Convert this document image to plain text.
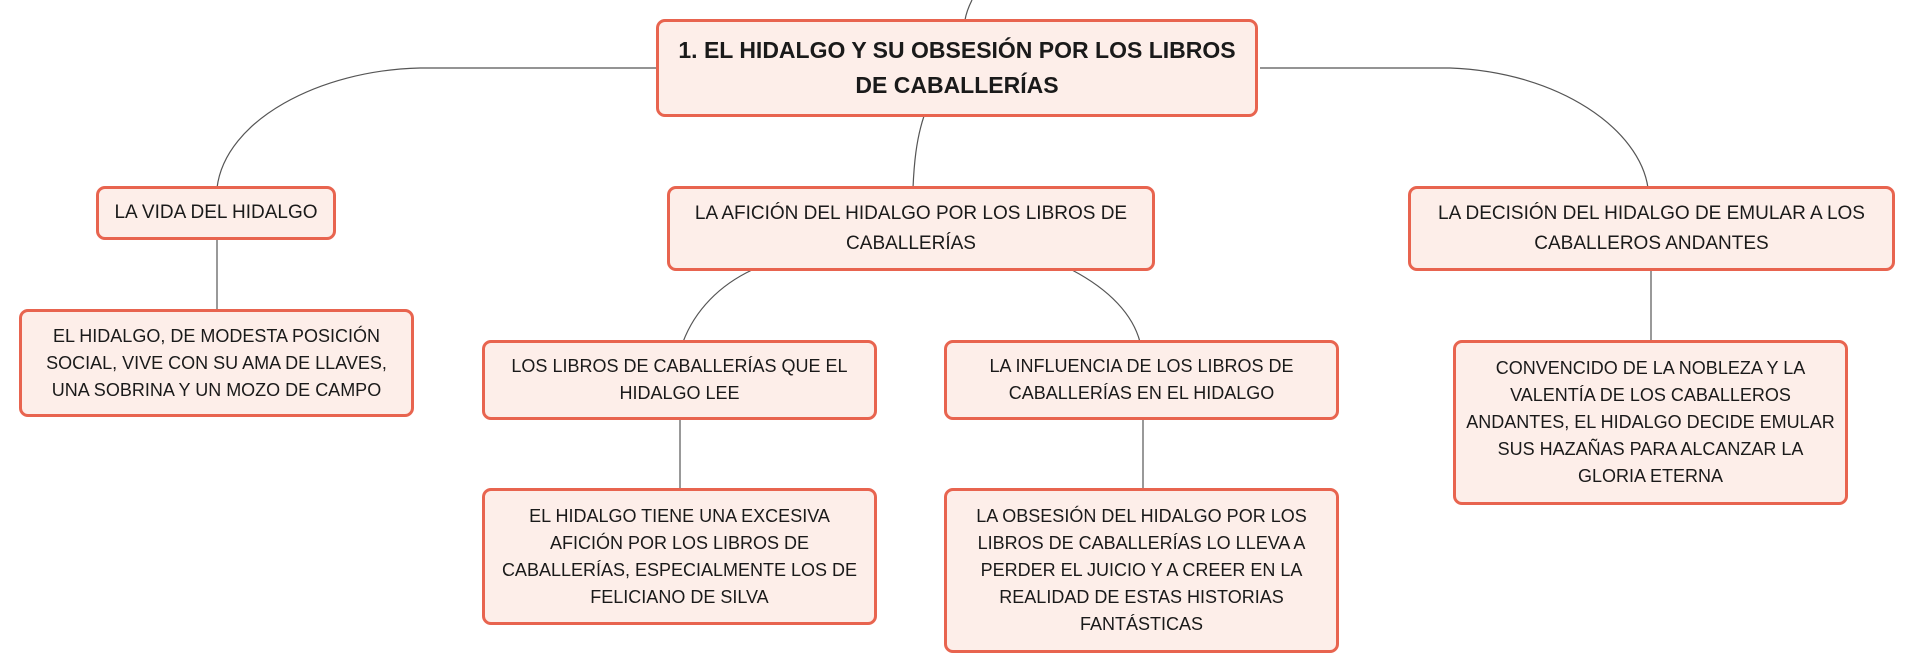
1. EL HIDALGO Y SU OBSESIÓN POR LOS LIBROS DE CABALLERÍAS
LA VIDA DEL HIDALGO	LA AFICIÓN DEL HIDALGO POR LOS LIBROS DE CABALLERÍAS
LA DECISIÓN DEL HIDALGO DE EMULAR A LOS CABALLEROS ANDANTES
EL HIDALGO, DE MODESTA POSICIÓN SOCIAL, VIVE CON SU AMA DE LLAVES, UNA SOBRINA Y UN MOZO DE CAMPO
LOS LIBROS DE CABALLERÍAS QUE EL HIDALGO LEE
LA INFLUENCIA DE LOS LIBROS DE CABALLERÍAS EN EL HIDALGO
CONVENCIDO DE LA NOBLEZA Y LA VALENTÍA DE LOS CABALLEROS ANDANTES, EL HIDALGO DECIDE EMULAR SUS HAZAÑAS PARA ALCANZAR LA GLORIA ETERNA
EL HIDALGO TIENE UNA EXCESIVA AFICIÓN POR LOS LIBROS DE CABALLERÍAS, ESPECIALMENTE LOS DE FELICIANO DE SILVA
LA OBSESIÓN DEL HIDALGO POR LOS LIBROS DE CABALLERÍAS LO LLEVA A PERDER EL JUICIO Y A CREER EN LA REALIDAD DE ESTAS HISTORIAS FANTÁSTICAS
